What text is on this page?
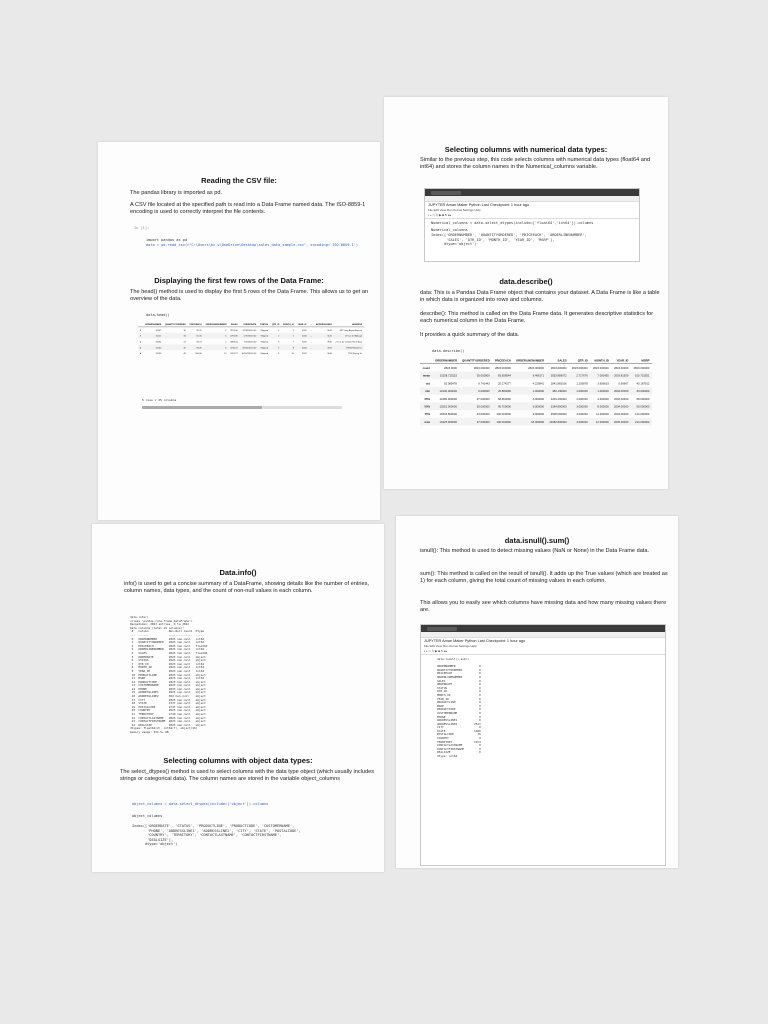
Reading the CSV file:
The pandas library is imported as pd.
A CSV file located at the specified path is read into a Data Frame named data. The ISO-8859-1 encoding is used to correctly interpret the file contents.
In [1]:
import pandas as pd
data = pd.read_csv(r"C:\Users\bc.v\OneDrive\Desktop\sales_data_sample.csv", encoding='ISO-8859-1')
Displaying the first few rows of the Data Frame:
The head() method is used to display the first 5 rows of the Data Frame. This allows us to get an overview of the data.
data.head()
	ORDERNUMBER	QUANTITYORDERED	PRICEEACH	ORDERLINENUMBER	SALES	ORDERDATE	STATUS	QTR_ID	MONTH_ID	YEAR_ID	...	ADDRESSLINE2	ADDRESS
0	10107	30	95.70	2	2871.00	2/24/2003 0:00	Shipped	1	2	2003	...	NaN	897 Long Airport Avenue
1	10121	34	81.35	5	2765.90	5/7/2003 0:00	Shipped	2	5	2003	...	NaN	59 rue de l'Abbaye
2	10134	41	94.74	2	3884.34	7/1/2003 0:00	Shipped	3	7	2003	...	NaN	27 rue du Colonel Pierre Avia
3	10145	45	83.26	6	3746.70	8/25/2003 0:00	Shipped	3	8	2003	...	NaN	78934 Hillside Dr.
4	10159	49	100.00	14	5205.27	10/10/2003 0:00	Shipped	4	10	2003	...	NaN	7734 Strong St.
5 rows × 25 columns
Selecting columns with numerical data types:
Similar to the previous step, this code selects columns with numerical data types (float64 and int64) and stores the column names in the Numerical_columns variable.
JUPYTER Aman Maker Python Last Checkpoint: 1 hour ago
File Edit View Run Kernel Settings Help
▪ + ✂ ⎘ ▶ ■ ↻ ▸▸
Numerical_columns = data.select_dtypes(include=['float64','int64']).columns
Numerical_columns
Index(['ORDERNUMBER', 'QUANTITYORDERED', 'PRICEEACH', 'ORDERLINENUMBER',
'SALES', 'QTR_ID', 'MONTH_ID', 'YEAR_ID', 'MSRP'],
dtype='object')
data.describe()
data: This is a Pandas Data Frame object that contains your dataset. A Data Frame is like a table in which data is organized into rows and columns.
describe(): This method is called on the Data Frame data. It generates descriptive statistics for each numerical column in the Data Frame.
It provides a quick summary of the data.
data.describe()
	ORDERNUMBER	QUANTITYORDERED	PRICEEACH	ORDERLINENUMBER	SALES	QTR_ID	MONTH_ID	YEAR_ID	MSRP
count	2823.0000	2823.000000	2823.000000	2823.000000	2823.000000	2823.000000	2823.000000	2823.00000	2823.000000
mean	10258.725115	35.092809	83.658544	6.466171	3553.889072	2.717676	7.092455	2003.81509	100.715551
std	92.085478	9.741443	20.174277	4.225841	1841.865106	1.203878	3.656633	0.69967	40.187912
min	10100.000000	6.000000	26.880000	1.000000	482.130000	1.000000	1.000000	2003.00000	33.000000
25%	10180.000000	27.000000	68.860000	3.000000	2203.430000	2.000000	4.000000	2003.00000	68.000000
50%	10262.000000	35.000000	95.700000	6.000000	3184.800000	3.000000	8.000000	2004.00000	99.000000
75%	10333.500000	43.000000	100.000000	9.000000	4508.000000	4.000000	11.000000	2004.00000	124.000000
max	10425.000000	97.000000	100.000000	18.000000	14082.800000	4.000000	12.000000	2005.00000	214.000000
Data.info()
info() is used to get a concise summary of a DataFrame, showing details like the number of entries, column names, data types, and the count of non-null values in each column.
data.info()
<class 'pandas.core.frame.DataFrame'>
RangeIndex: 2823 entries, 0 to 2822
Data columns (total 25 columns):
#   Column            Non-Null Count  Dtype
---  ------            --------------  -----
0   ORDERNUMBER       2823 non-null   int64
1   QUANTITYORDERED   2823 non-null   int64
2   PRICEEACH         2823 non-null   float64
3   ORDERLINENUMBER   2823 non-null   int64
4   SALES             2823 non-null   float64
5   ORDERDATE         2823 non-null   object
6   STATUS            2823 non-null   object
7   QTR_ID            2823 non-null   int64
8   MONTH_ID          2823 non-null   int64
9   YEAR_ID           2823 non-null   int64
10  PRODUCTLINE       2823 non-null   object
11  MSRP              2823 non-null   int64
12  PRODUCTCODE       2823 non-null   object
13  CUSTOMERNAME      2823 non-null   object
14  PHONE             2823 non-null   object
15  ADDRESSLINE1      2823 non-null   object
16  ADDRESSLINE2      302 non-null    object
17  CITY              2823 non-null   object
18  STATE             1337 non-null   object
19  POSTALCODE        2747 non-null   object
20  COUNTRY           2823 non-null   object
21  TERRITORY         1749 non-null   object
22  CONTACTLASTNAME   2823 non-null   object
23  CONTACTFIRSTNAME  2823 non-null   object
24  DEALSIZE          2823 non-null   object
dtypes: float64(2), int64(7), object(16)
memory usage: 551.5+ KB
Selecting columns with object data types:
The select_dtypes() method is used to select columns with the data type object (which usually includes strings or categorical data). The column names are stored in the variable object_columns
object_columns = data.select_dtypes(include=['object']).columns
object_columns
Index(['ORDERDATE', 'STATUS', 'PRODUCTLINE', 'PRODUCTCODE', 'CUSTOMERNAME',
'PHONE', 'ADDRESSLINE1', 'ADDRESSLINE2', 'CITY', 'STATE', 'POSTALCODE',
'COUNTRY', 'TERRITORY', 'CONTACTLASTNAME', 'CONTACTFIRSTNAME',
'DEALSIZE'],
dtype='object')
data.isnull().sum()
isnull(): This method is used to detect missing values (NaN or None) in the Data Frame data.
sum(): This method is called on the result of isnull(). It adds up the True values (which are treated as 1) for each column, giving the total count of missing values in each column.
This allows you to easily see which columns have missing data and how many missing values there are.
JUPYTER Aman Maker Python Last Checkpoint: 1 hour ago
File Edit View Run Kernel Settings Help
▪ + ✂ ⎘ ▶ ■ ↻ ▸▸
data.isnull().sum()

ORDERNUMBER              0
QUANTITYORDERED          0
PRICEEACH                0
ORDERLINENUMBER          0
SALES                    0
ORDERDATE                0
STATUS                   0
QTR_ID                   0
MONTH_ID                 0
YEAR_ID                  0
PRODUCTLINE              0
MSRP                     0
PRODUCTCODE              0
CUSTOMERNAME             0
PHONE                    0
ADDRESSLINE1             0
ADDRESSLINE2          2521
CITY                     0
STATE                 1486
POSTALCODE              76
COUNTRY                  0
TERRITORY             1074
CONTACTLASTNAME          0
CONTACTFIRSTNAME         0
DEALSIZE                 0
dtype: int64
